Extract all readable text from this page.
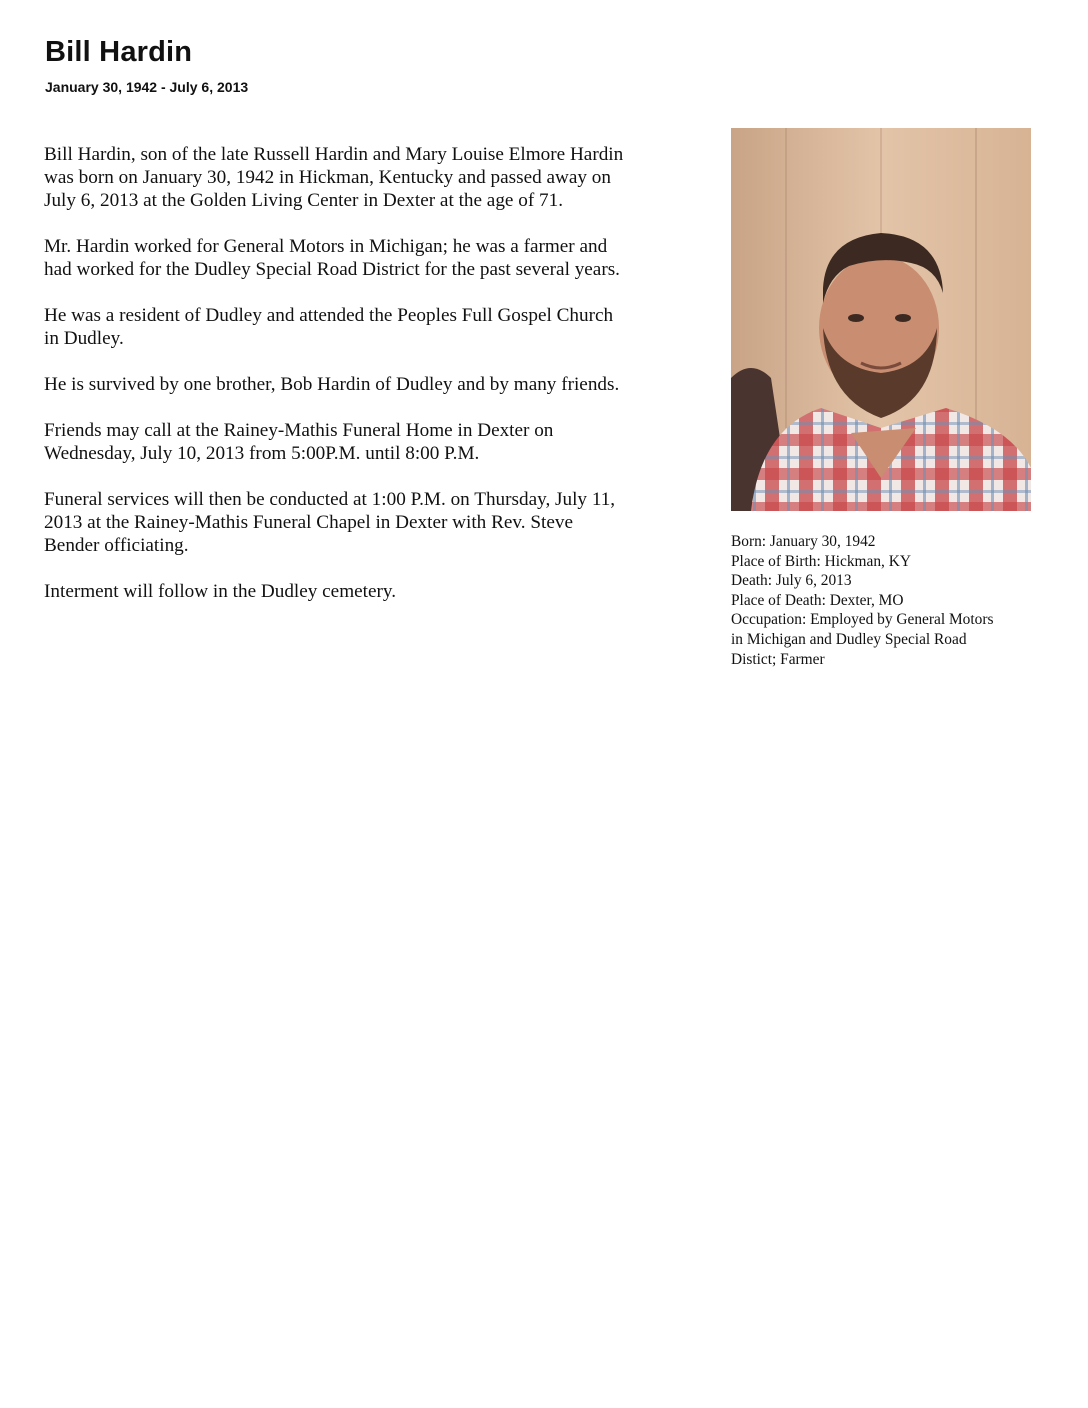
Bill Hardin
January 30, 1942 - July 6, 2013

Bill Hardin, son of the late Russell Hardin and Mary Louise Elmore Hardin
was born on January 30, 1942 in Hickman, Kentucky and passed away on
July 6, 2013 at the Golden Living Center in Dexter at the age of 71.

Mr. Hardin worked for General Motors in Michigan; he was a farmer and
had worked for the Dudley Special Road District for the past several years.

He was a resident of Dudley and attended the Peoples Full Gospel Church
in Dudley.

He is survived by one brother, Bob Hardin of Dudley and by many friends.

Friends may call at the Rainey-Mathis Funeral Home in Dexter on
Wednesday, July 10, 2013 from 5:00P.M. until 8:00 P.M.

Funeral services will then be conducted at 1:00 P.M. on Thursday, July 11,
2013 at the Rainey-Mathis Funeral Chapel in Dexter with Rev. Steve
Bender officiating.

Interment will follow in the Dudley cemetery.

Born: January 30, 1942
Place of Birth: Hickman, KY
Death: July 6, 2013
Place of Death: Dexter, MO
Occupation: Employed by General Motors
in Michigan and Dudley Special Road
Distict; Farmer
